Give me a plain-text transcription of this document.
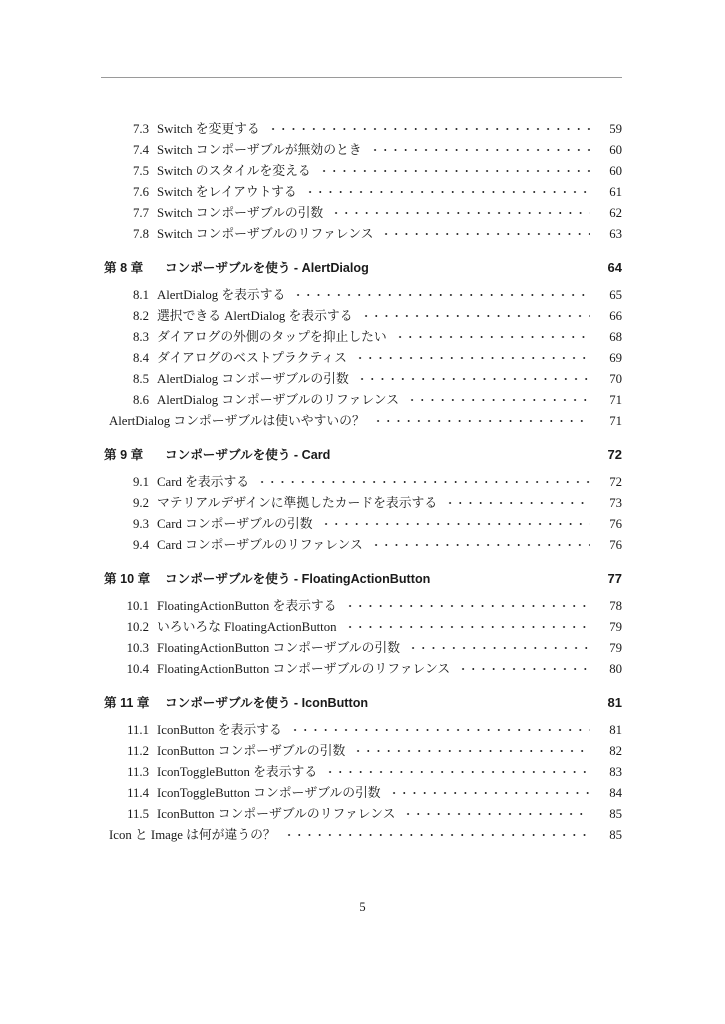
7.3 Switch を変更する	59
7.4 Switch コンポーザブルが無効のとき	60
7.5 Switch のスタイルを変える	60
7.6 Switch をレイアウトする	61
7.7 Switch コンポーザブルの引数	62
7.8 Switch コンポーザブルのリファレンス	63
第 8 章	コンポーザブルを使う - AlertDialog	64
8.1 AlertDialog を表示する	65
8.2 選択できる AlertDialog を表示する	66
8.3 ダイアログの外側のタップを抑止したい	68
8.4 ダイアログのベストプラクティス	69
8.5 AlertDialog コンポーザブルの引数	70
8.6 AlertDialog コンポーザブルのリファレンス	71
AlertDialog コンポーザブルは使いやすいの？	71
第 9 章	コンポーザブルを使う - Card	72
9.1 Card を表示する	72
9.2 マテリアルデザインに準拠したカードを表示する	73
9.3 Card コンポーザブルの引数	76
9.4 Card コンポーザブルのリファレンス	76
第 10 章	コンポーザブルを使う - FloatingActionButton	77
10.1 FloatingActionButton を表示する	78
10.2 いろいろな FloatingActionButton	79
10.3 FloatingActionButton コンポーザブルの引数	79
10.4 FloatingActionButton コンポーザブルのリファレンス	80
第 11 章	コンポーザブルを使う - IconButton	81
11.1 IconButton を表示する	81
11.2 IconButton コンポーザブルの引数	82
11.3 IconToggleButton を表示する	83
11.4 IconToggleButton コンポーザブルの引数	84
11.5 IconButton コンポーザブルのリファレンス	85
Icon と Image は何が違うの？	85
5
